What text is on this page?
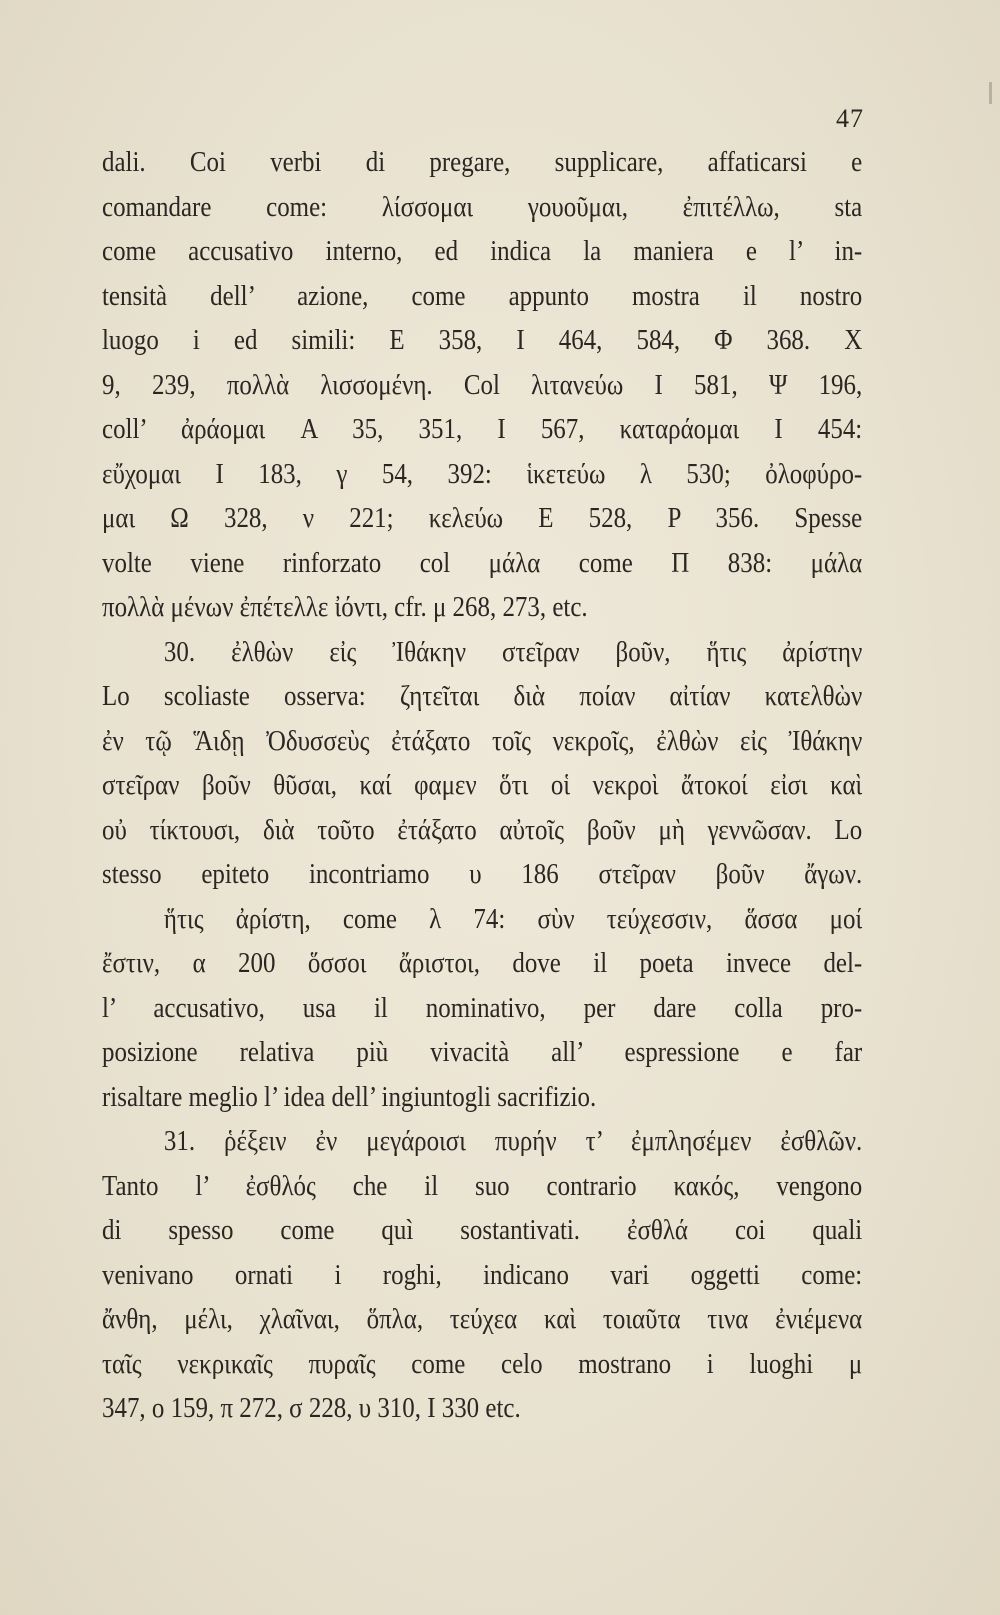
47
dali. Coi verbi di pregare, supplicare, affaticarsi e
comandare come: λίσσομαι γουοῦμαι, ἐπιτέλλω, sta
come accusativo interno, ed indica la maniera e l’ in-
tensità dell’ azione, come appunto mostra il nostro
luogo i ed simili: E 358, I 464, 584, Φ 368. X
9, 239, πολλὰ λισσομένη. Col λιτανεύω I 581, Ψ 196,
coll’ ἀράομαι A 35, 351, I 567, καταράομαι I 454:
εὔχομαι I 183, γ 54, 392: ἱκετεύω λ 530; ὀλοφύρο-
μαι Ω 328, ν 221; κελεύω E 528, P 356. Spesse
volte viene rinforzato col μάλα come Π 838: μάλα
πολλὰ μένων ἐπέτελλε ἰόντι, cfr. μ 268, 273, etc.
30. ἐλθὼν εἰς Ἰθάκην στεῖραν βοῦν, ἥτις ἀρίστην
Lo scoliaste osserva: ζητεῖται διὰ ποίαν αἰτίαν κατελθὼν
ἐν τῷ Ἅιδῃ Ὀδυσσεὺς ἐτάξατο τοῖς νεκροῖς, ἐλθὼν εἰς Ἰθάκην
στεῖραν βοῦν θῦσαι, καί φαμεν ὅτι οἱ νεκροὶ ἄτοκοί εἰσι καὶ
οὐ τίκτουσι, διὰ τοῦτο ἐτάξατο αὐτοῖς βοῦν μὴ γεννῶσαν. Lo
stesso epiteto incontriamo υ 186 στεῖραν βοῦν ἄγων.
ἥτις ἀρίστη, come λ 74: σὺν τεύχεσσιν, ἅσσα μοί
ἔστιν, α 200 ὅσσοι ἄριστοι, dove il poeta invece del-
l’ accusativo, usa il nominativo, per dare colla pro-
posizione relativa più vivacità all’ espressione e far
risaltare meglio l’ idea dell’ ingiuntogli sacrifizio.
31. ῥέξειν ἐν μεγάροισι πυρήν τ’ ἐμπλησέμεν ἐσθλῶν.
Tanto l’ ἐσθλός che il suo contrario κακός, vengono
di spesso come quì sostantivati. ἐσθλά coi quali
venivano ornati i roghi, indicano vari oggetti come:
ἄνθη, μέλι, χλαῖναι, ὅπλα, τεύχεα καὶ τοιαῦτα τινα ἐνιέμενα
ταῖς νεκρικαῖς πυραῖς come celo mostrano i luoghi μ
347, ο 159, π 272, σ 228, υ 310, I 330 etc.
